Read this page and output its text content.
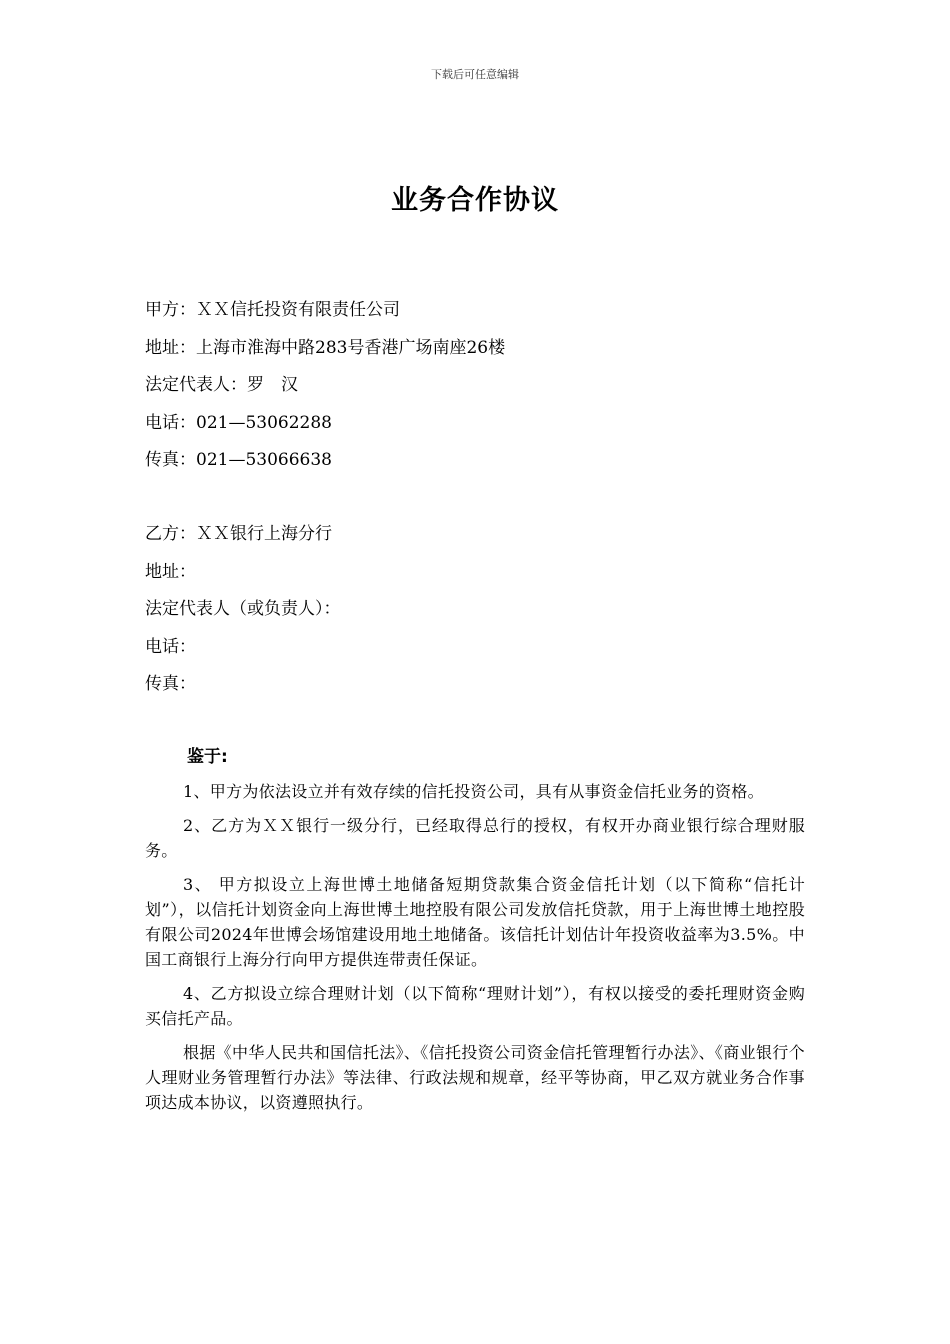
下载后可任意编辑
业务合作协议
甲方：ＸＸ信托投资有限责任公司
地址：上海市淮海中路283号香港广场南座26楼
法定代表人：罗　汉
电话：021—53062288
传真：021—53066638
乙方：ＸＸ银行上海分行
地址：
法定代表人（或负责人）：
电话：
传真：
鉴于:

1、甲方为依法设立并有效存续的信托投资公司，具有从事资金信托业务的资格。

2、乙方为ＸＸ银行一级分行，已经取得总行的授权，有权开办商业银行综合理财服务。

3、 甲方拟设立上海世博土地储备短期贷款集合资金信托计划（以下简称“信托计划”），以信托计划资金向上海世博土地控股有限公司发放信托贷款，用于上海世博土地控股有限公司2024年世博会场馆建设用地土地储备。该信托计划估计年投资收益率为3.5%。中国工商银行上海分行向甲方提供连带责任保证。

4、乙方拟设立综合理财计划（以下简称“理财计划”），有权以接受的委托理财资金购买信托产品。

根据《中华人民共和国信托法》、《信托投资公司资金信托管理暂行办法》、《商业银行个人理财业务管理暂行办法》等法律、行政法规和规章，经平等协商，甲乙双方就业务合作事项达成本协议，以资遵照执行。
